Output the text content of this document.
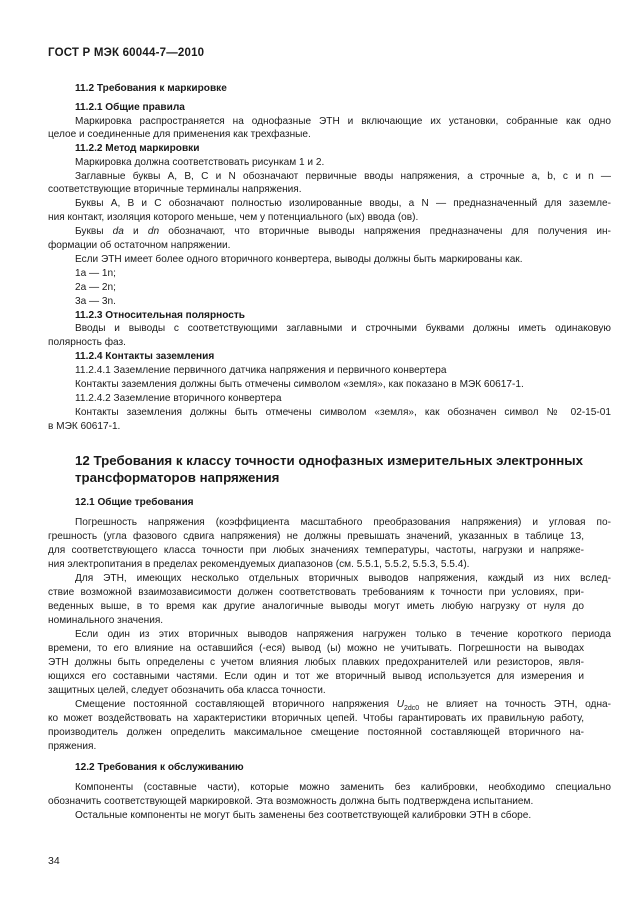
ГОСТ Р МЭК 60044-7—2010
11.2 Требования к маркировке
11.2.1 Общие правила
Маркировка распространяется на однофазные ЭТН и включающие их установки, собранные как одно
целое и соединенные для применения как трехфазные.
11.2.2 Метод маркировки
Маркировка должна соответствовать рисункам 1 и 2.
Заглавные буквы А, В, С и N обозначают первичные вводы напряжения, а строчные а, b, с и n —
соответствующие вторичные терминалы напряжения.
Буквы А, В и С обозначают полностью изолированные вводы, а N — предназначенный для заземле-
ния контакт, изоляция которого меньше, чем у потенциального (ых) ввода (ов).
Буквы da и dn обозначают, что вторичные выводы напряжения предназначены для получения ин-
формации об остаточном напряжении.
Если ЭТН имеет более одного вторичного конвертера, выводы должны быть маркированы как.
1а — 1n;
2а — 2n;
3а — 3n.
11.2.3 Относительная полярность
Вводы и выводы с соответствующими заглавными и строчными буквами должны иметь одинаковую
полярность фаз.
11.2.4 Контакты заземления
11.2.4.1 Заземление первичного датчика напряжения и первичного конвертера
Контакты заземления должны быть отмечены символом «земля», как показано в МЭК 60617-1.
11.2.4.2 Заземление вторичного конвертера
Контакты заземления должны быть отмечены символом «земля», как обозначен символ № 02-15-01
в МЭК 60617-1.
12 Требования к классу точности однофазных измерительных электронных
трансформаторов напряжения
12.1 Общие требования
Погрешность напряжения (коэффициента масштабного преобразования напряжения) и угловая по-
грешность (угла фазового сдвига напряжения) не должны превышать значений, указанных в таблице 13,
для соответствующего класса точности при любых значениях температуры, частоты, нагрузки и напряже-
ния электропитания в пределах рекомендуемых диапазонов (см. 5.5.1, 5.5.2, 5.5.3, 5.5.4).
Для ЭТН, имеющих несколько отдельных вторичных выводов напряжения, каждый из них вслед-
ствие возможной взаимозависимости должен соответствовать требованиям к точности при условиях, при-
веденных выше, в то время как другие аналогичные выводы могут иметь любую нагрузку от нуля до
номинального значения.
Если один из этих вторичных выводов напряжения нагружен только в течение короткого периода
времени, то его влияние на оставшийся (-еся) вывод (ы) можно не учитывать. Погрешности на выводах
ЭТН должны быть определены с учетом влияния любых плавких предохранителей или резисторов, явля-
ющихся его составными частями. Если один и тот же вторичный вывод используется для измерения и
защитных целей, следует обозначить оба класса точности.
Смещение постоянной составляющей вторичного напряжения $U_{2dc0}$ не влияет на точность ЭТН, одна-
ко может воздействовать на характеристики вторичных цепей. Чтобы гарантировать их правильную работу,
производитель должен определить максимальное смещение постоянной составляющей вторичного на-
пряжения.
12.2 Требования к обслуживанию
Компоненты (составные части), которые можно заменить без калибровки, необходимо специально
обозначить соответствующей маркировкой. Эта возможность должна быть подтверждена испытанием.
Остальные компоненты не могут быть заменены без соответствующей калибровки ЭТН в сборе.
34
